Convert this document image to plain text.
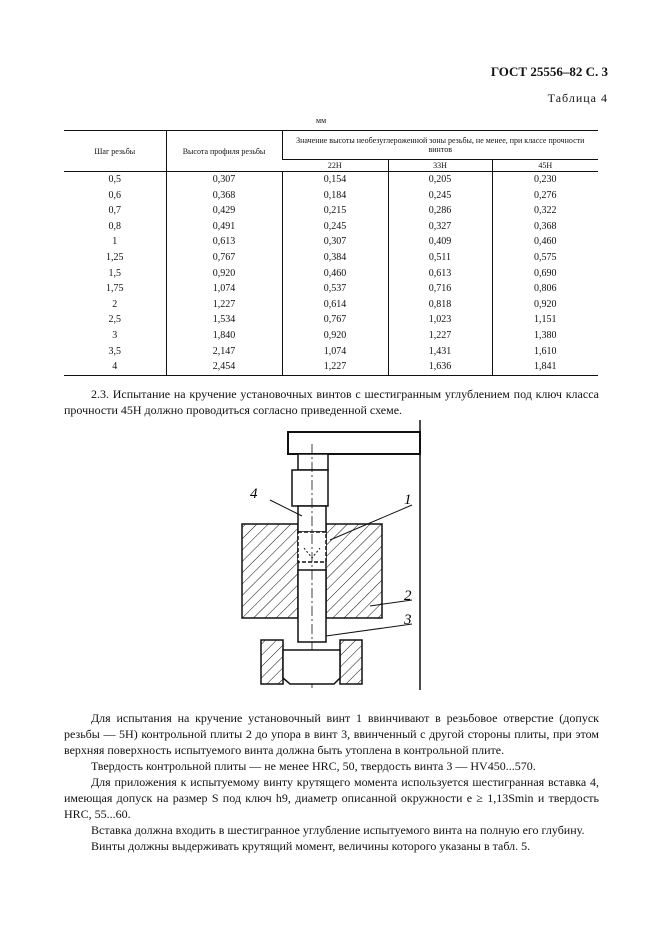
ГОСТ 25556–82 С. 3
Таблица 4
мм
Шаг резьбы	Высота профиля резьбы	Значение высоты необезуглероженной зоны резьбы, не менее, при классе прочности винтов		
		22Н	33Н	45Н
0,5	0,307	0,154	0,205	0,230
0,6	0,368	0,184	0,245	0,276
0,7	0,429	0,215	0,286	0,322
0,8	0,491	0,245	0,327	0,368
1	0,613	0,307	0,409	0,460
1,25	0,767	0,384	0,511	0,575
1,5	0,920	0,460	0,613	0,690
1,75	1,074	0,537	0,716	0,806
2	1,227	0,614	0,818	0,920
2,5	1,534	0,767	1,023	1,151
3	1,840	0,920	1,227	1,380
3,5	2,147	1,074	1,431	1,610
4	2,454	1,227	1,636	1,841

2.3. Испытание на кручение установочных винтов с шестигранным углублением под ключ класса прочности 45Н должно проводиться согласно приведенной схеме.

4	1
2
3

Для испытания на кручение установочный винт 1 ввинчивают в резьбовое отверстие (допуск резьбы — 5Н) контрольной плиты 2 до упора в винт 3, ввинченный с другой стороны плиты, при этом верхняя поверхность испытуемого винта должна быть утоплена в контрольной плите.

Твердость контрольной плиты — не менее HRC, 50, твердость винта 3 — HV450...570.

Для приложения к испытуемому винту крутящего момента используется шестигранная вставка 4, имеющая допуск на размер S под ключ h9, диаметр описанной окружности e ≥ 1,13Smin и твердость HRC, 55...60.

Вставка должна входить в шестигранное углубление испытуемого винта на полную его глубину.

Винты должны выдерживать крутящий момент, величины которого указаны в табл. 5.
